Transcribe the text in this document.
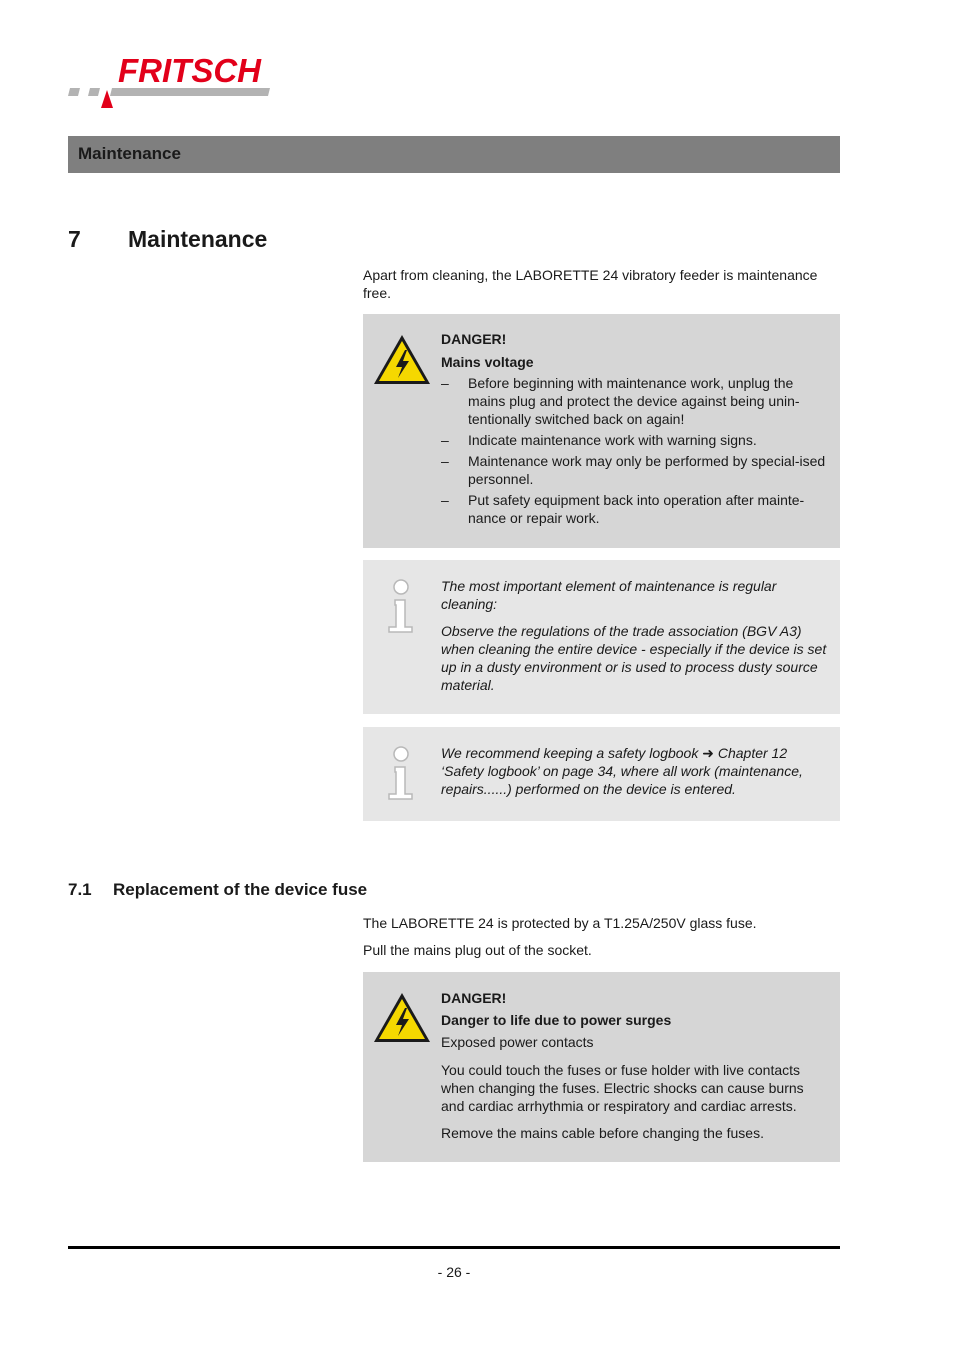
FRITSCH
Maintenance
7 Maintenance
Apart from cleaning, the LABORETTE 24 vibratory feeder is maintenance free.
DANGER!
Mains voltage
– Before beginning with maintenance work, unplug the mains plug and protect the device against being unin-tentionally switched back on again!
– Indicate maintenance work with warning signs.
– Maintenance work may only be performed by special-ised personnel.
– Put safety equipment back into operation after mainte-nance or repair work.
The most important element of maintenance is regular cleaning:
Observe the regulations of the trade association (BGV A3) when cleaning the entire device - especially if the device is set up in a dusty environment or is used to process dusty source material.
We recommend keeping a safety logbook ➜ Chapter 12 ‘Safety logbook’ on page 34, where all work (maintenance, repairs......) performed on the device is entered.
7.1 Replacement of the device fuse
The LABORETTE 24 is protected by a T1.25A/250V glass fuse.
Pull the mains plug out of the socket.
DANGER!
Danger to life due to power surges
Exposed power contacts
You could touch the fuses or fuse holder with live contacts when changing the fuses. Electric shocks can cause burns and cardiac arrhythmia or respiratory and cardiac arrests.
Remove the mains cable before changing the fuses.
- 26 -
